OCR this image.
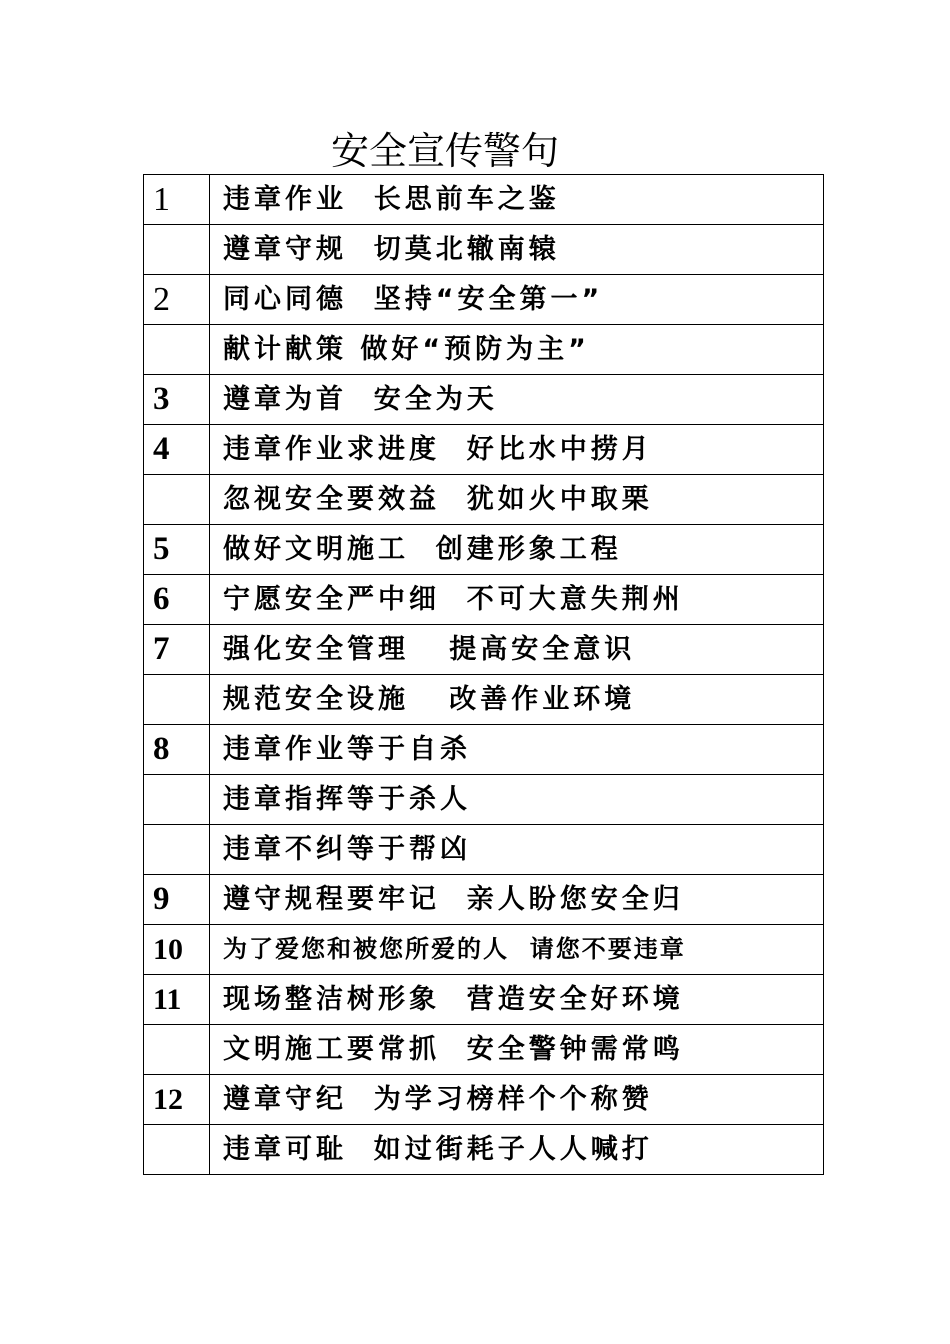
安全宣传警句
1	违章作业  长思前车之鉴
	遵章守规  切莫北辙南辕
2	同心同德  坚持“安全第一”
	献计献策 做好“预防为主”
3	遵章为首  安全为天
4	违章作业求进度  好比水中捞月
	忽视安全要效益  犹如火中取栗
5	做好文明施工  创建形象工程
6	宁愿安全严中细  不可大意失荆州
7	强化安全管理   提高安全意识
	规范安全设施   改善作业环境
8	违章作业等于自杀
	违章指挥等于杀人
	违章不纠等于帮凶
9	遵守规程要牢记  亲人盼您安全归
10	为了爱您和被您所爱的人  请您不要违章
11	现场整洁树形象  营造安全好环境
	文明施工要常抓  安全警钟需常鸣
12	遵章守纪  为学习榜样个个称赞
	违章可耻  如过街耗子人人喊打
